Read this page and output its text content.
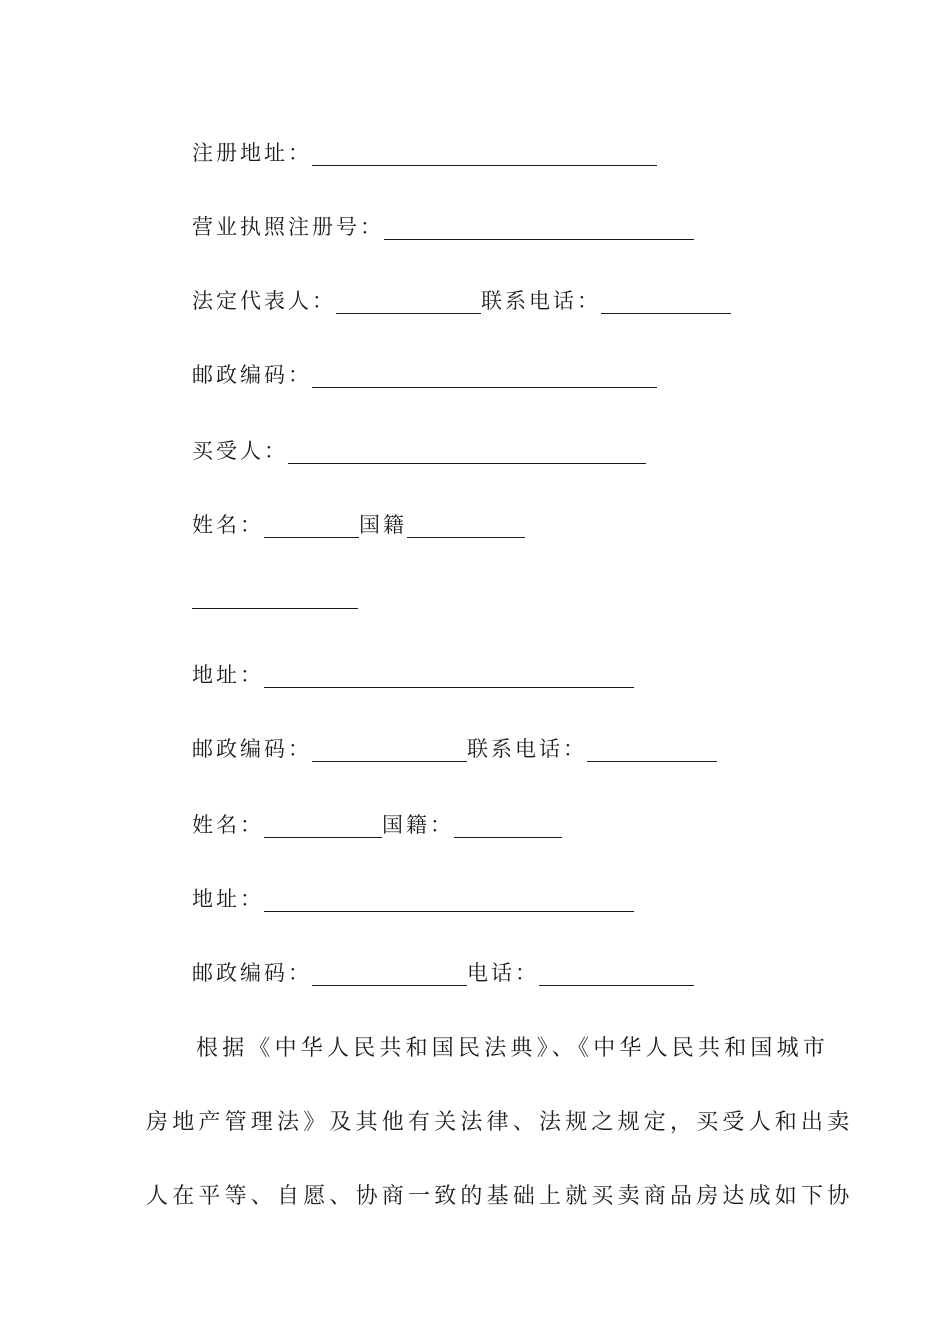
注册地址：
营业执照注册号：
法定代表人：	联系电话：
邮政编码：
买受人：
姓名：	国籍
地址：
邮政编码：	联系电话：
姓名：	国籍：
地址：
邮政编码：	电话：
根据《中华人民共和国民法典》、《中华人民共和国城市
房地产管理法》及其他有关法律、法规之规定，买受人和出卖
人在平等、自愿、协商一致的基础上就买卖商品房达成如下协
